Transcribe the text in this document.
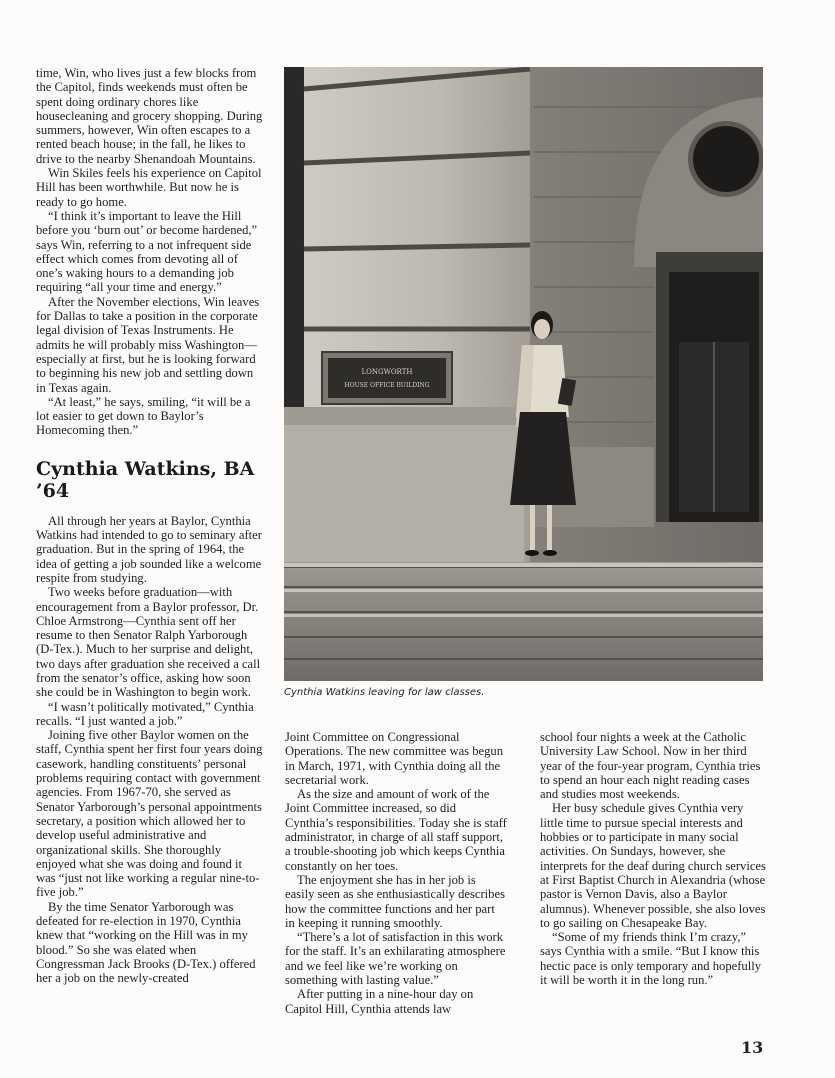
time, Win, who lives just a few blocks from the Capitol, finds weekends must often be spent doing ordinary chores like housecleaning and grocery shopping. During summers, however, Win often escapes to a rented beach house; in the fall, he likes to drive to the nearby Shenandoah Mountains.

Win Skiles feels his experience on Capitol Hill has been worthwhile. But now he is ready to go home.

“I think it’s important to leave the Hill before you ‘burn out’ or become hardened,” says Win, referring to a not infrequent side effect which comes from devoting all of one’s waking hours to a demanding job requiring “all your time and energy.”

After the November elections, Win leaves for Dallas to take a position in the corporate legal division of Texas Instruments. He admits he will probably miss Washington—especially at first, but he is looking forward to beginning his new job and settling down in Texas again.

“At least,” he says, smiling, “it will be a lot easier to get down to Baylor’s Homecoming then.”

Cynthia Watkins, BA ’64

All through her years at Baylor, Cynthia Watkins had intended to go to seminary after graduation. But in the spring of 1964, the idea of getting a job sounded like a welcome respite from studying.

Two weeks before graduation—with encouragement from a Baylor professor, Dr. Chloe Armstrong—Cynthia sent off her resume to then Senator Ralph Yarborough (D-Tex.). Much to her surprise and delight, two days after graduation she received a call from the senator’s office, asking how soon she could be in Washington to begin work.

“I wasn’t politically motivated,” Cynthia recalls. “I just wanted a job.”

Joining five other Baylor women on the staff, Cynthia spent her first four years doing casework, handling constituents’ personal problems requiring contact with government agencies. From 1967-70, she served as Senator Yarborough’s personal appointments secretary, a position which allowed her to develop useful administrative and organizational skills. She thoroughly enjoyed what she was doing and found it was “just not like working a regular nine-to-five job.”

By the time Senator Yarborough was defeated for re-election in 1970, Cynthia knew that “working on the Hill was in my blood.” So she was elated when Congressman Jack Brooks (D-Tex.) offered her a job on the newly-created

LONGWORTH
HOUSE OFFICE BUILDING
Cynthia Watkins leaving for law classes.

Joint Committee on Congressional Operations. The new committee was begun in March, 1971, with Cynthia doing all the secretarial work.

As the size and amount of work of the Joint Committee increased, so did Cynthia’s responsibilities. Today she is staff administrator, in charge of all staff support, a trouble-shooting job which keeps Cynthia constantly on her toes.

The enjoyment she has in her job is easily seen as she enthusiastically describes how the committee functions and her part in keeping it running smoothly.

“There’s a lot of satisfaction in this work for the staff. It’s an exhilarating atmosphere and we feel like we’re working on something with lasting value.”

After putting in a nine-hour day on Capitol Hill, Cynthia attends law

school four nights a week at the Catholic University Law School. Now in her third year of the four-year program, Cynthia tries to spend an hour each night reading cases and studies most weekends.

Her busy schedule gives Cynthia very little time to pursue special interests and hobbies or to participate in many social activities. On Sundays, however, she interprets for the deaf during church services at First Baptist Church in Alexandria (whose pastor is Vernon Davis, also a Baylor alumnus). Whenever possible, she also loves to go sailing on Chesapeake Bay.

“Some of my friends think I’m crazy,” says Cynthia with a smile. “But I know this hectic pace is only temporary and hopefully it will be worth it in the long run.”

13
